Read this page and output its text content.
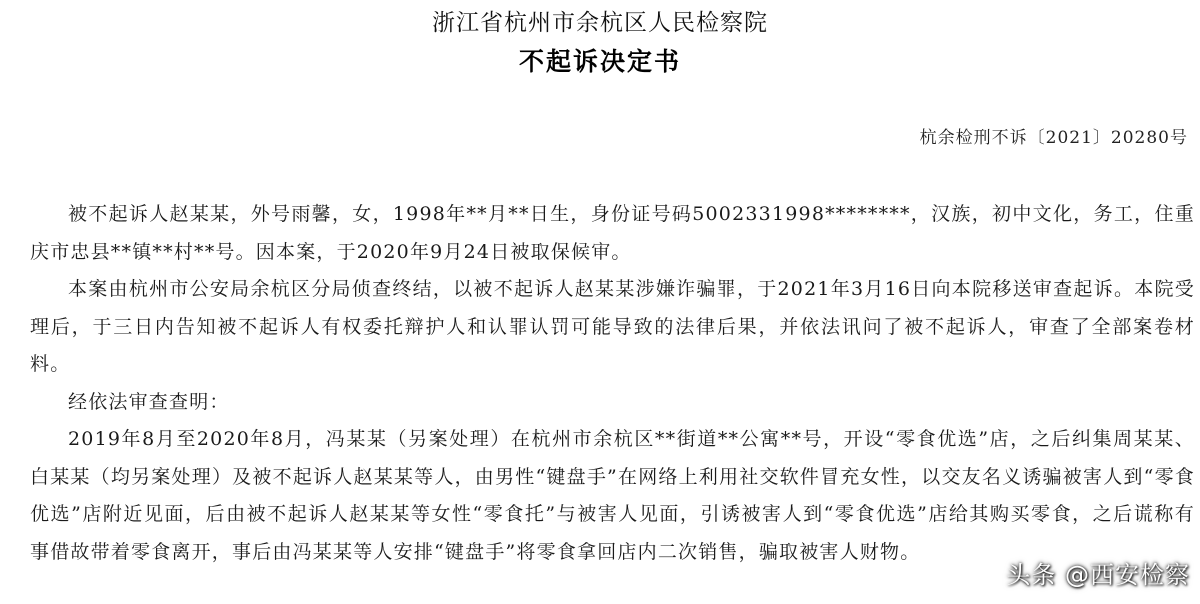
浙江省杭州市余杭区人民检察院
不起诉决定书
杭余检刑不诉〔2021〕20280号

被不起诉人赵某某，外号雨馨，女，1998年**月**日生，身份证号码5002331998********，汉族，初中文化，务工，住重庆市忠县**镇**村**号。因本案，于2020年9月24日被取保候审。

本案由杭州市公安局余杭区分局侦查终结，以被不起诉人赵某某涉嫌诈骗罪，于2021年3月16日向本院移送审查起诉。本院受理后，于三日内告知被不起诉人有权委托辩护人和认罪认罚可能导致的法律后果，并依法讯问了被不起诉人，审查了全部案卷材料。

经依法审查查明：

2019年8月至2020年8月，冯某某（另案处理）在杭州市余杭区**街道**公寓**号，开设“零食优选”店，之后纠集周某某、白某某（均另案处理）及被不起诉人赵某某等人，由男性“键盘手”在网络上利用社交软件冒充女性，以交友名义诱骗被害人到“零食优选”店附近见面，后由被不起诉人赵某某等女性“零食托”与被害人见面，引诱被害人到“零食优选”店给其购买零食，之后谎称有事借故带着零食离开，事后由冯某某等人安排“键盘手”将零食拿回店内二次销售，骗取被害人财物。

头条 @西安检察
